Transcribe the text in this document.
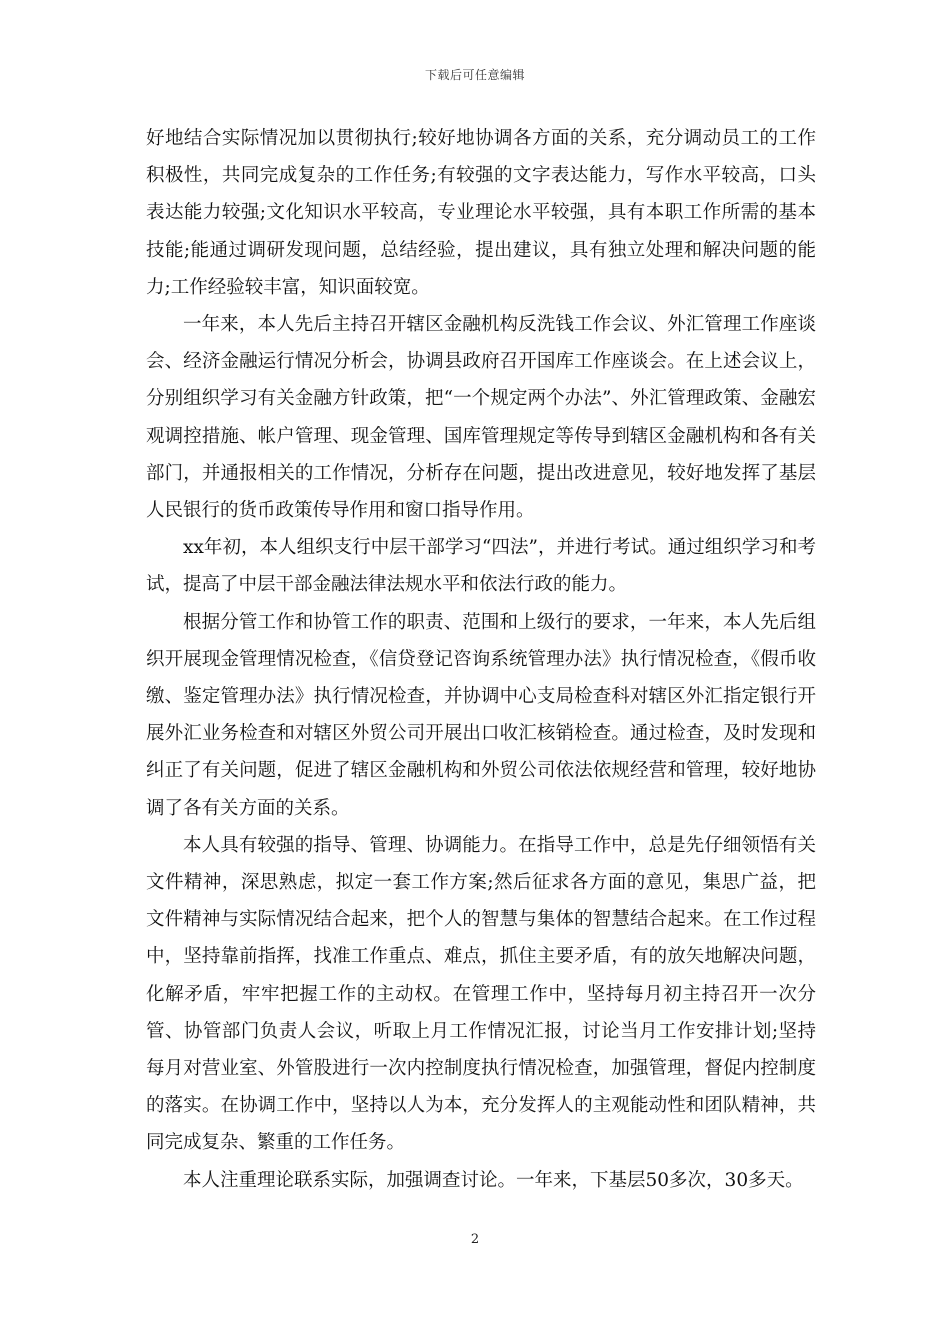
下载后可任意编辑

好地结合实际情况加以贯彻执行;较好地协调各方面的关系，充分调动员工的工作积极性，共同完成复杂的工作任务;有较强的文字表达能力，写作水平较高，口头表达能力较强;文化知识水平较高，专业理论水平较强，具有本职工作所需的基本技能;能通过调研发现问题，总结经验，提出建议，具有独立处理和解决问题的能力;工作经验较丰富，知识面较宽。

一年来，本人先后主持召开辖区金融机构反洗钱工作会议、外汇管理工作座谈会、经济金融运行情况分析会，协调县政府召开国库工作座谈会。在上述会议上，分别组织学习有关金融方针政策，把“一个规定两个办法”、外汇管理政策、金融宏观调控措施、帐户管理、现金管理、国库管理规定等传导到辖区金融机构和各有关部门，并通报相关的工作情况，分析存在问题，提出改进意见，较好地发挥了基层人民银行的货币政策传导作用和窗口指导作用。

xx年初，本人组织支行中层干部学习“四法”，并进行考试。通过组织学习和考试，提高了中层干部金融法律法规水平和依法行政的能力。

根据分管工作和协管工作的职责、范围和上级行的要求，一年来，本人先后组织开展现金管理情况检查，《信贷登记咨询系统管理办法》执行情况检查，《假币收缴、鉴定管理办法》执行情况检查，并协调中心支局检查科对辖区外汇指定银行开展外汇业务检查和对辖区外贸公司开展出口收汇核销检查。通过检查，及时发现和纠正了有关问题，促进了辖区金融机构和外贸公司依法依规经营和管理，较好地协调了各有关方面的关系。

本人具有较强的指导、管理、协调能力。在指导工作中，总是先仔细领悟有关文件精神，深思熟虑，拟定一套工作方案;然后征求各方面的意见，集思广益，把文件精神与实际情况结合起来，把个人的智慧与集体的智慧结合起来。在工作过程中，坚持靠前指挥，找准工作重点、难点，抓住主要矛盾，有的放矢地解决问题，化解矛盾，牢牢把握工作的主动权。在管理工作中，坚持每月初主持召开一次分管、协管部门负责人会议，听取上月工作情况汇报，讨论当月工作安排计划;坚持每月对营业室、外管股进行一次内控制度执行情况检查，加强管理，督促内控制度的落实。在协调工作中，坚持以人为本，充分发挥人的主观能动性和团队精神，共同完成复杂、繁重的工作任务。

本人注重理论联系实际，加强调查讨论。一年来，下基层50多次，30多天。

2
